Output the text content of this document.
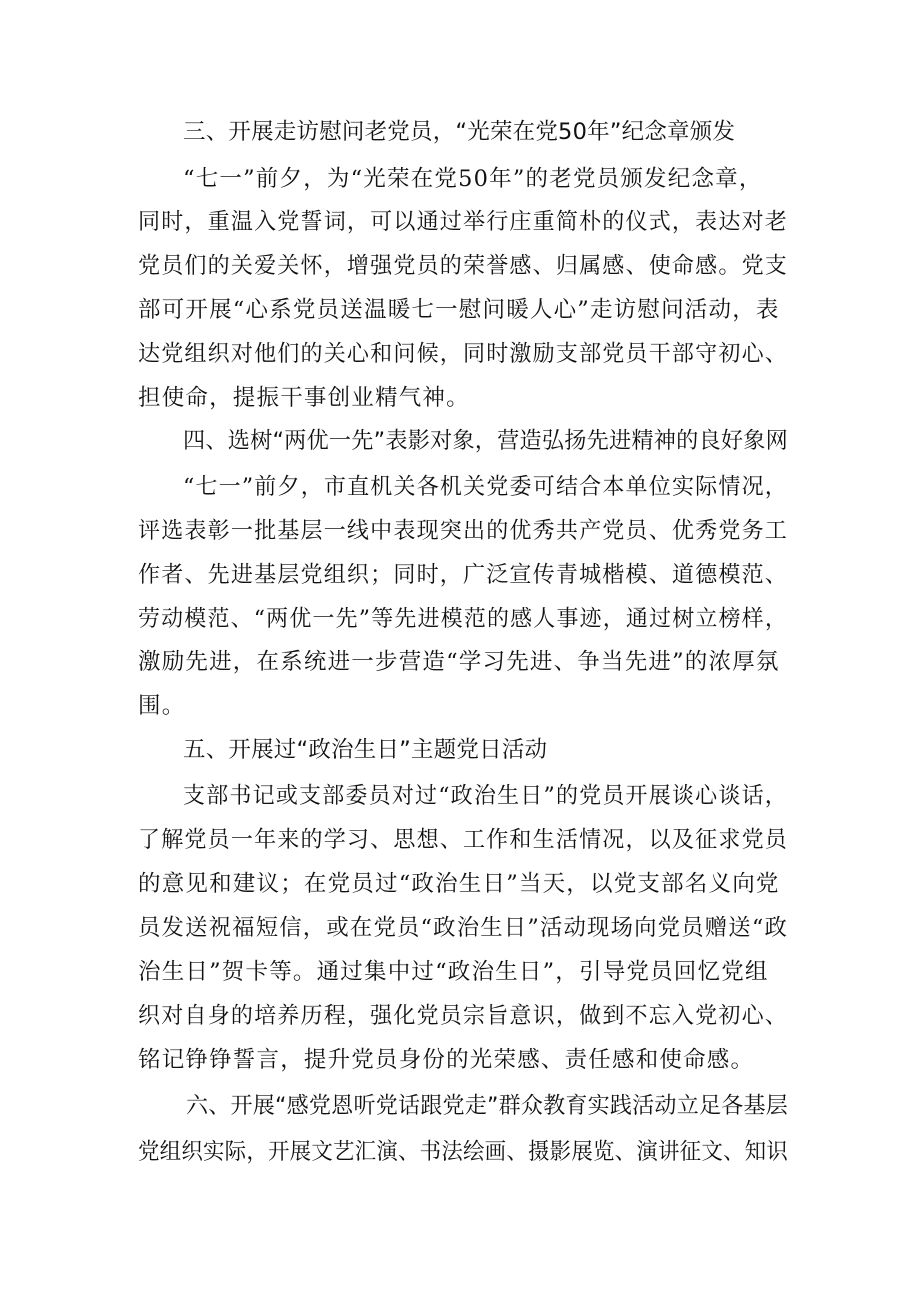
三、开展走访慰问老党员，“光荣在党50年”纪念章颁发
“七一”前夕，为“光荣在党50年”的老党员颁发纪念章，
同时，重温入党誓词，可以通过举行庄重简朴的仪式，表达对老
党员们的关爱关怀，增强党员的荣誉感、归属感、使命感。党支
部可开展“心系党员送温暖七一慰问暖人心”走访慰问活动，表
达党组织对他们的关心和问候，同时激励支部党员干部守初心、
担使命，提振干事创业精气神。
四、选树“两优一先”表影对象，营造弘扬先进精神的良好象网
“七一”前夕，市直机关各机关党委可结合本单位实际情况，
评选表彰一批基层一线中表现突出的优秀共产党员、优秀党务工
作者、先进基层党组织；同时，广泛宣传青城楷模、道德模范、
劳动模范、“两优一先”等先进模范的感人事迹，通过树立榜样，
激励先进，在系统进一步营造“学习先进、争当先进”的浓厚氛
围。
五、开展过“政治生日”主题党日活动
支部书记或支部委员对过“政治生日”的党员开展谈心谈话，
了解党员一年来的学习、思想、工作和生活情况，以及征求党员
的意见和建议；在党员过“政治生日”当天，以党支部名义向党
员发送祝福短信，或在党员“政治生日”活动现场向党员赠送“政
治生日”贺卡等。通过集中过“政治生日”，引导党员回忆党组
织对自身的培养历程，强化党员宗旨意识，做到不忘入党初心、
铭记铮铮誓言，提升党员身份的光荣感、责任感和使命感。
六、开展“感党恩听党话跟党走”群众教育实践活动立足各基层
党组织实际，开展文艺汇演、书法绘画、摄影展览、演讲征文、知识
